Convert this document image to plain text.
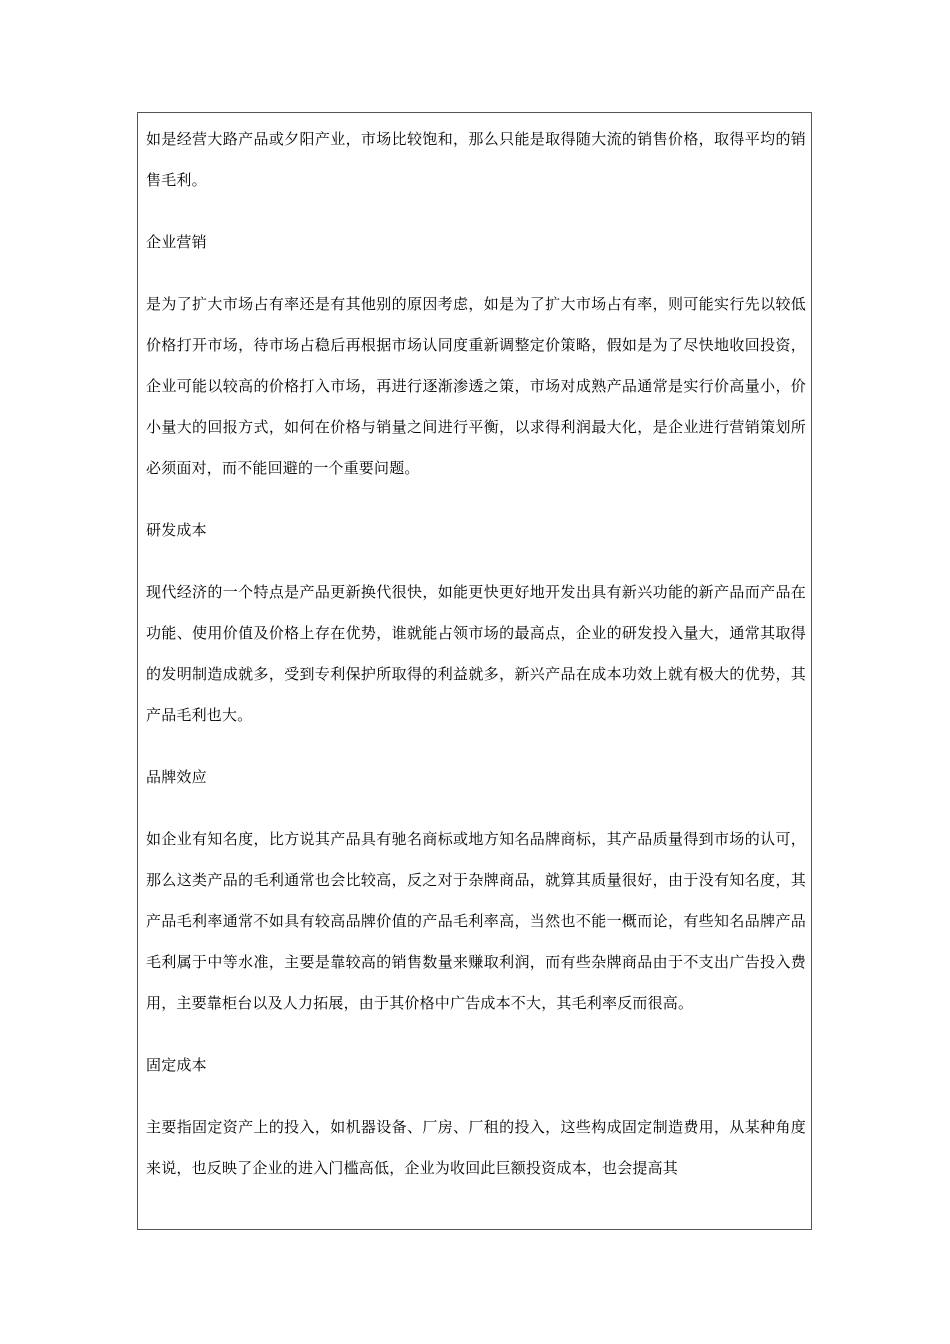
如是经营大路产品或夕阳产业，市场比较饱和，那么只能是取得随大流的销售价格，取得平均的销售毛利。

企业营销

是为了扩大市场占有率还是有其他别的原因考虑，如是为了扩大市场占有率，则可能实行先以较低价格打开市场，待市场占稳后再根据市场认同度重新调整定价策略，假如是为了尽快地收回投资，企业可能以较高的价格打入市场，再进行逐渐渗透之策，市场对成熟产品通常是实行价高量小，价小量大的回报方式，如何在价格与销量之间进行平衡，以求得利润最大化，是企业进行营销策划所必须面对，而不能回避的一个重要问题。

研发成本

现代经济的一个特点是产品更新换代很快，如能更快更好地开发出具有新兴功能的新产品而产品在功能、使用价值及价格上存在优势，谁就能占领市场的最高点，企业的研发投入量大，通常其取得的发明制造成就多，受到专利保护所取得的利益就多，新兴产品在成本功效上就有极大的优势，其产品毛利也大。

品牌效应

如企业有知名度，比方说其产品具有驰名商标或地方知名品牌商标，其产品质量得到市场的认可，那么这类产品的毛利通常也会比较高，反之对于杂牌商品，就算其质量很好，由于没有知名度，其产品毛利率通常不如具有较高品牌价值的产品毛利率高，当然也不能一概而论，有些知名品牌产品毛利属于中等水准，主要是靠较高的销售数量来赚取利润，而有些杂牌商品由于不支出广告投入费用，主要靠柜台以及人力拓展，由于其价格中广告成本不大，其毛利率反而很高。

固定成本

主要指固定资产上的投入，如机器设备、厂房、厂租的投入，这些构成固定制造费用，从某种角度来说，也反映了企业的进入门槛高低，企业为收回此巨额投资成本，也会提高其
